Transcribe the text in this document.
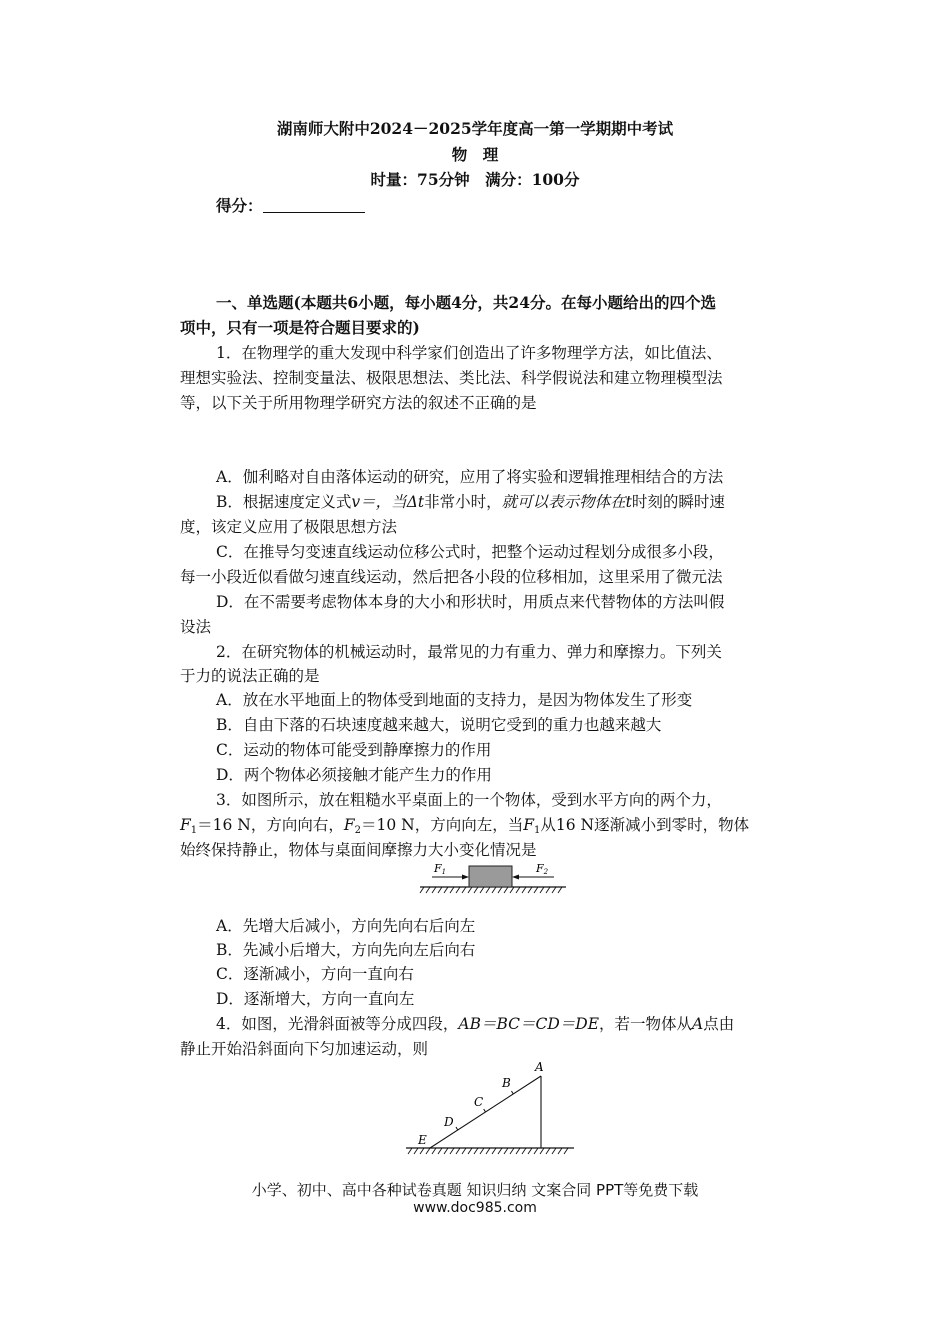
湖南师大附中2024－2025学年度高一第一学期期中考试
物　理
时量：75分钟　满分：100分
得分：
一、单选题(本题共6小题，每小题4分，共24分。在每小题给出的四个选
项中，只有一项是符合题目要求的)
1．在物理学的重大发现中科学家们创造出了许多物理学方法，如比值法、
理想实验法、控制变量法、极限思想法、类比法、科学假说法和建立物理模型法
等，以下关于所用物理学研究方法的叙述不正确的是
A．伽利略对自由落体运动的研究，应用了将实验和逻辑推理相结合的方法
B．根据速度定义式v＝，当Δt非常小时，就可以表示物体在t时刻的瞬时速
度，该定义应用了极限思想方法
C．在推导匀变速直线运动位移公式时，把整个运动过程划分成很多小段，
每一小段近似看做匀速直线运动，然后把各小段的位移相加，这里采用了微元法
D．在不需要考虑物体本身的大小和形状时，用质点来代替物体的方法叫假
设法
2．在研究物体的机械运动时，最常见的力有重力、弹力和摩擦力。下列关
于力的说法正确的是
A．放在水平地面上的物体受到地面的支持力，是因为物体发生了形变
B．自由下落的石块速度越来越大，说明它受到的重力也越来越大
C．运动的物体可能受到静摩擦力的作用
D．两个物体必须接触才能产生力的作用
3．如图所示，放在粗糙水平桌面上的一个物体，受到水平方向的两个力，
$F_1=16$ N，方向向右，$F_2=10$ N，方向向左，当$F_1$从16 N逐渐减小到零时，物体
始终保持静止，物体与桌面间摩擦力大小变化情况是
F1	F2
A．先增大后减小，方向先向右后向左
B．先减小后增大，方向先向左后向右
C．逐渐减小，方向一直向右
D．逐渐增大，方向一直向左
4．如图，光滑斜面被等分成四段，AB＝BC＝CD＝DE，若一物体从A点由
静止开始沿斜面向下匀加速运动，则
A
B
C
D
E
小学、初中、高中各种试卷真题 知识归纳 文案合同 PPT等免费下载
www.doc985.com
